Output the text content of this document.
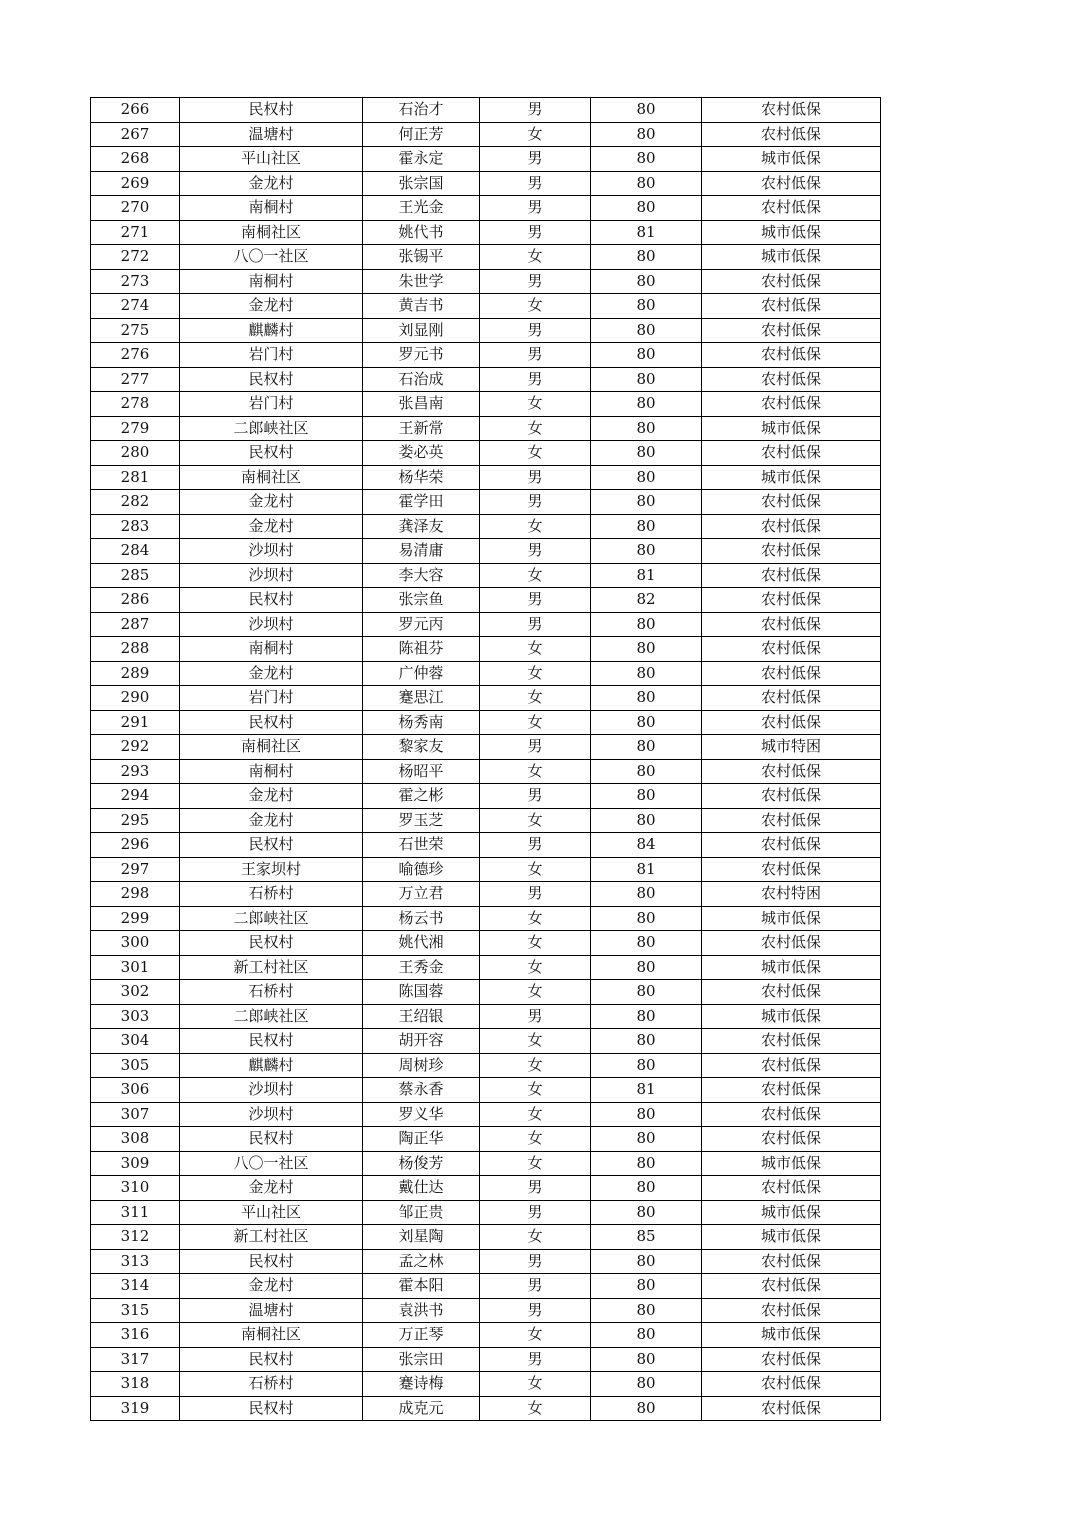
266	民权村	石治才	男	80	农村低保
267	温塘村	何正芳	女	80	农村低保
268	平山社区	霍永定	男	80	城市低保
269	金龙村	张宗国	男	80	农村低保
270	南桐村	王光金	男	80	农村低保
271	南桐社区	姚代书	男	81	城市低保
272	八〇一社区	张锡平	女	80	城市低保
273	南桐村	朱世学	男	80	农村低保
274	金龙村	黄吉书	女	80	农村低保
275	麒麟村	刘显刚	男	80	农村低保
276	岩门村	罗元书	男	80	农村低保
277	民权村	石治成	男	80	农村低保
278	岩门村	张昌南	女	80	农村低保
279	二郎峡社区	王新常	女	80	城市低保
280	民权村	娄必英	女	80	农村低保
281	南桐社区	杨华荣	男	80	城市低保
282	金龙村	霍学田	男	80	农村低保
283	金龙村	龚泽友	女	80	农村低保
284	沙坝村	易清庸	男	80	农村低保
285	沙坝村	李大容	女	81	农村低保
286	民权村	张宗鱼	男	82	农村低保
287	沙坝村	罗元丙	男	80	农村低保
288	南桐村	陈祖芬	女	80	农村低保
289	金龙村	广仲蓉	女	80	农村低保
290	岩门村	蹇思江	女	80	农村低保
291	民权村	杨秀南	女	80	农村低保
292	南桐社区	黎家友	男	80	城市特困
293	南桐村	杨昭平	女	80	农村低保
294	金龙村	霍之彬	男	80	农村低保
295	金龙村	罗玉芝	女	80	农村低保
296	民权村	石世荣	男	84	农村低保
297	王家坝村	喻德珍	女	81	农村低保
298	石桥村	万立君	男	80	农村特困
299	二郎峡社区	杨云书	女	80	城市低保
300	民权村	姚代湘	女	80	农村低保
301	新工村社区	王秀金	女	80	城市低保
302	石桥村	陈国蓉	女	80	农村低保
303	二郎峡社区	王绍银	男	80	城市低保
304	民权村	胡开容	女	80	农村低保
305	麒麟村	周树珍	女	80	农村低保
306	沙坝村	蔡永香	女	81	农村低保
307	沙坝村	罗义华	女	80	农村低保
308	民权村	陶正华	女	80	农村低保
309	八〇一社区	杨俊芳	女	80	城市低保
310	金龙村	戴仕达	男	80	农村低保
311	平山社区	邹正贵	男	80	城市低保
312	新工村社区	刘星陶	女	85	城市低保
313	民权村	孟之林	男	80	农村低保
314	金龙村	霍本阳	男	80	农村低保
315	温塘村	袁洪书	男	80	农村低保
316	南桐社区	万正琴	女	80	城市低保
317	民权村	张宗田	男	80	农村低保
318	石桥村	蹇诗梅	女	80	农村低保
319	民权村	成克元	女	80	农村低保
